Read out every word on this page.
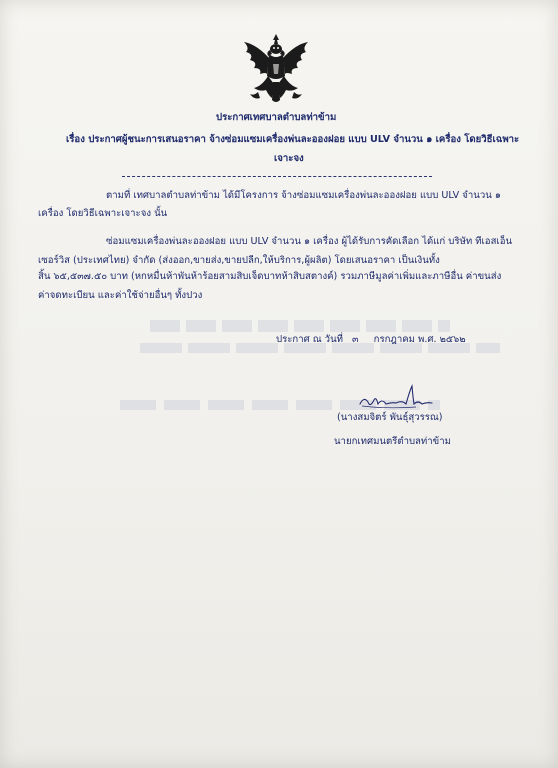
ประกาศเทศบาลตำบลท่าข้าม
เรื่อง ประกาศผู้ชนะการเสนอราคา จ้างซ่อมแซมเครื่องพ่นละอองฝอย แบบ ULV จำนวน ๑ เครื่อง โดยวิธีเฉพาะ
เจาะจง
ตามที่ เทศบาลตำบลท่าข้าม ได้มีโครงการ จ้างซ่อมแซมเครื่องพ่นละอองฝอย แบบ ULV จำนวน ๑
เครื่อง โดยวิธีเฉพาะเจาะจง นั้น
ซ่อมแซมเครื่องพ่นละอองฝอย แบบ ULV จำนวน ๑ เครื่อง ผู้ได้รับการคัดเลือก ได้แก่ บริษัท ทีเอสเอ็น
เซอร์วิส (ประเทศไทย) จำกัด (ส่งออก,ขายส่ง,ขายปลีก,ให้บริการ,ผู้ผลิต) โดยเสนอราคา เป็นเงินทั้ง
สิ้น ๖๕,๕๓๗.๕๐ บาท (หกหมื่นห้าพันห้าร้อยสามสิบเจ็ดบาทห้าสิบสตางค์) รวมภาษีมูลค่าเพิ่มและภาษีอื่น ค่าขนส่ง
ค่าจดทะเบียน และค่าใช้จ่ายอื่นๆ ทั้งปวง
ประกาศ ณ วันที่ ๓ กรกฎาคม พ.ศ. ๒๕๖๒
(นางสมจิตร์ พันธุ์สุวรรณ)
นายกเทศมนตรีตำบลท่าข้าม
